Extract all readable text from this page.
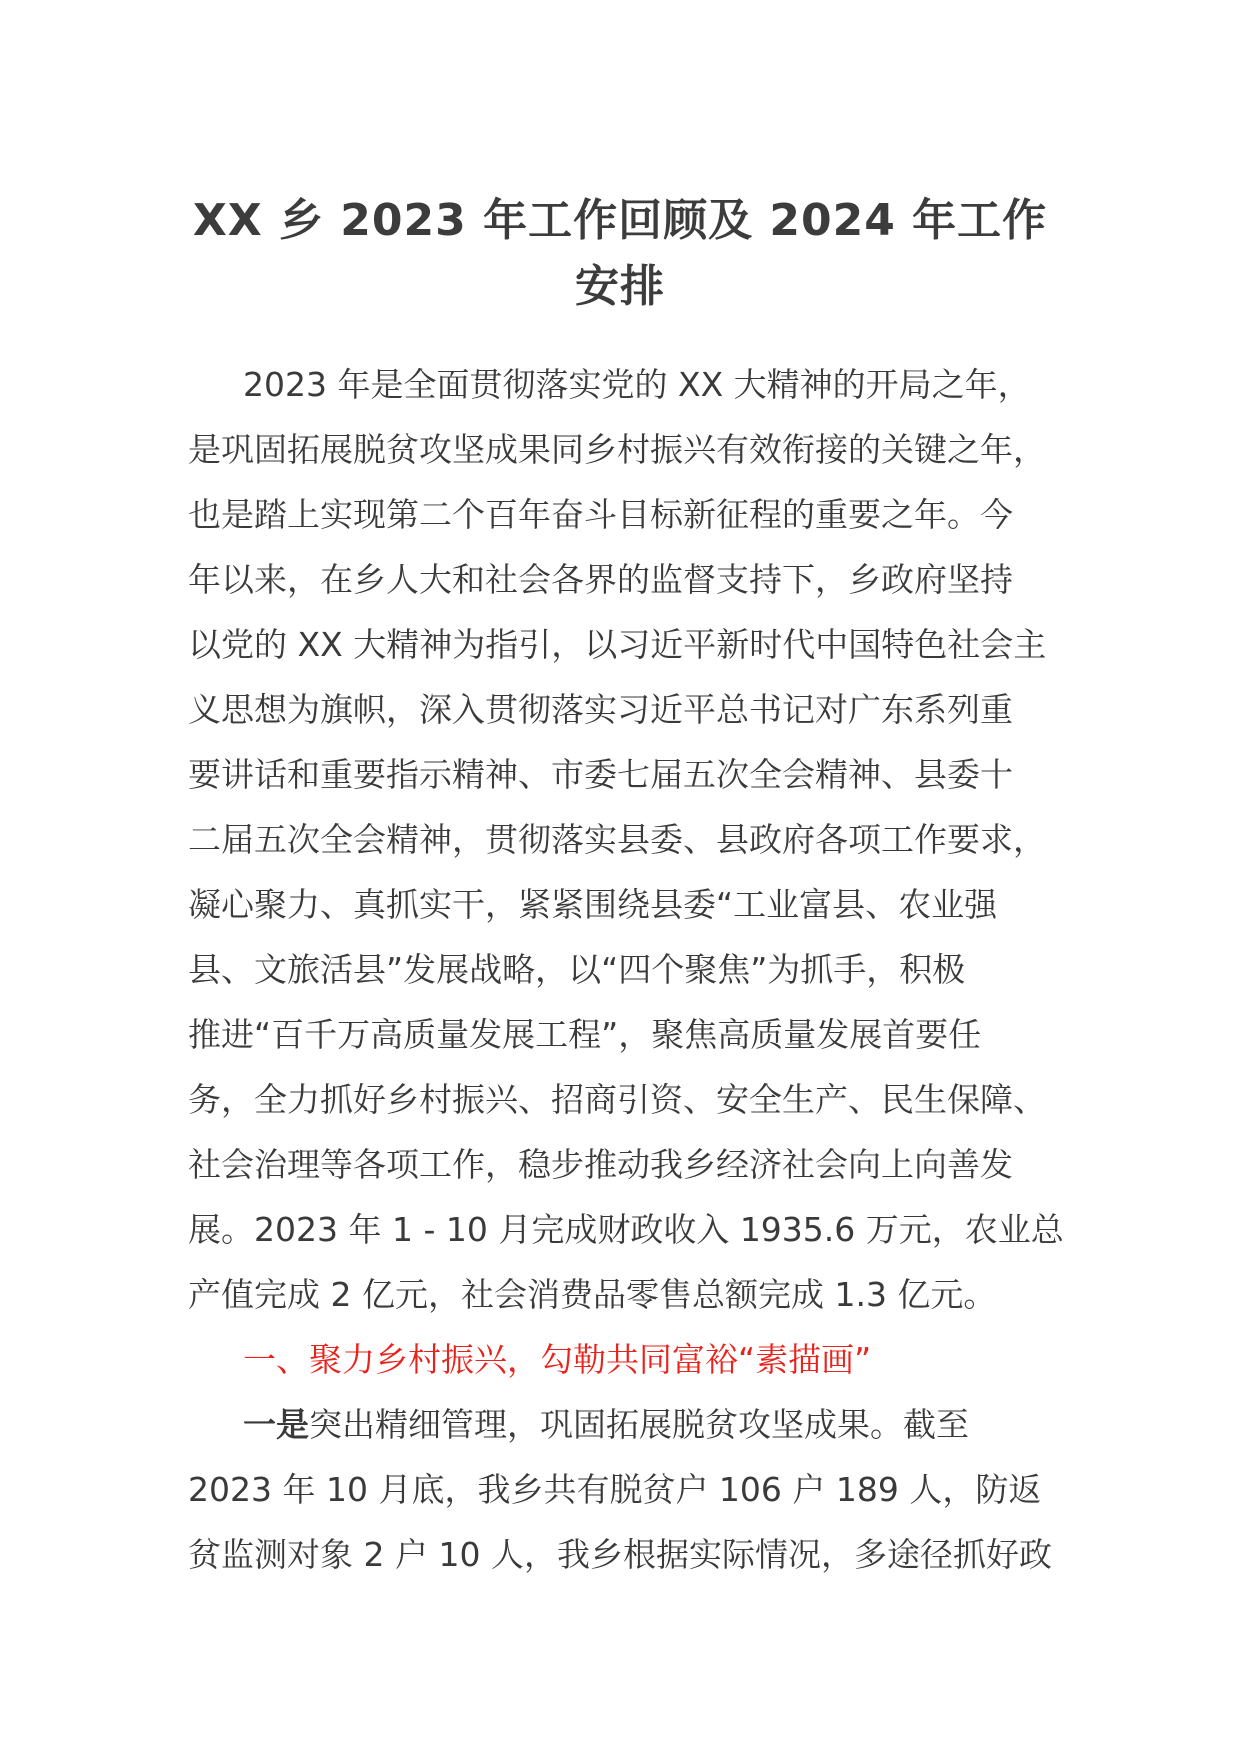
XX 乡 2023 年工作回顾及 2024 年工作
安排
2023 年是全面贯彻落实党的 XX 大精神的开局之年，
是巩固拓展脱贫攻坚成果同乡村振兴有效衔接的关键之年，
也是踏上实现第二个百年奋斗目标新征程的重要之年。今
年以来，在乡人大和社会各界的监督支持下，乡政府坚持
以党的 XX 大精神为指引，以习近平新时代中国特色社会主
义思想为旗帜，深入贯彻落实习近平总书记对广东系列重
要讲话和重要指示精神、市委七届五次全会精神、县委十
二届五次全会精神，贯彻落实县委、县政府各项工作要求，
凝心聚力、真抓实干，紧紧围绕县委“工业富县、农业强
县、文旅活县”发展战略，以“四个聚焦”为抓手，积极
推进“百千万高质量发展工程”，聚焦高质量发展首要任
务，全力抓好乡村振兴、招商引资、安全生产、民生保障、
社会治理等各项工作，稳步推动我乡经济社会向上向善发
展。2023 年 1 - 10 月完成财政收入 1935.6 万元，农业总
产值完成 2 亿元，社会消费品零售总额完成 1.3 亿元。
一、聚力乡村振兴，勾勒共同富裕“素描画”
一是突出精细管理，巩固拓展脱贫攻坚成果。截至
2023 年 10 月底，我乡共有脱贫户 106 户 189 人，防返
贫监测对象 2 户 10 人，我乡根据实际情况，多途径抓好政
